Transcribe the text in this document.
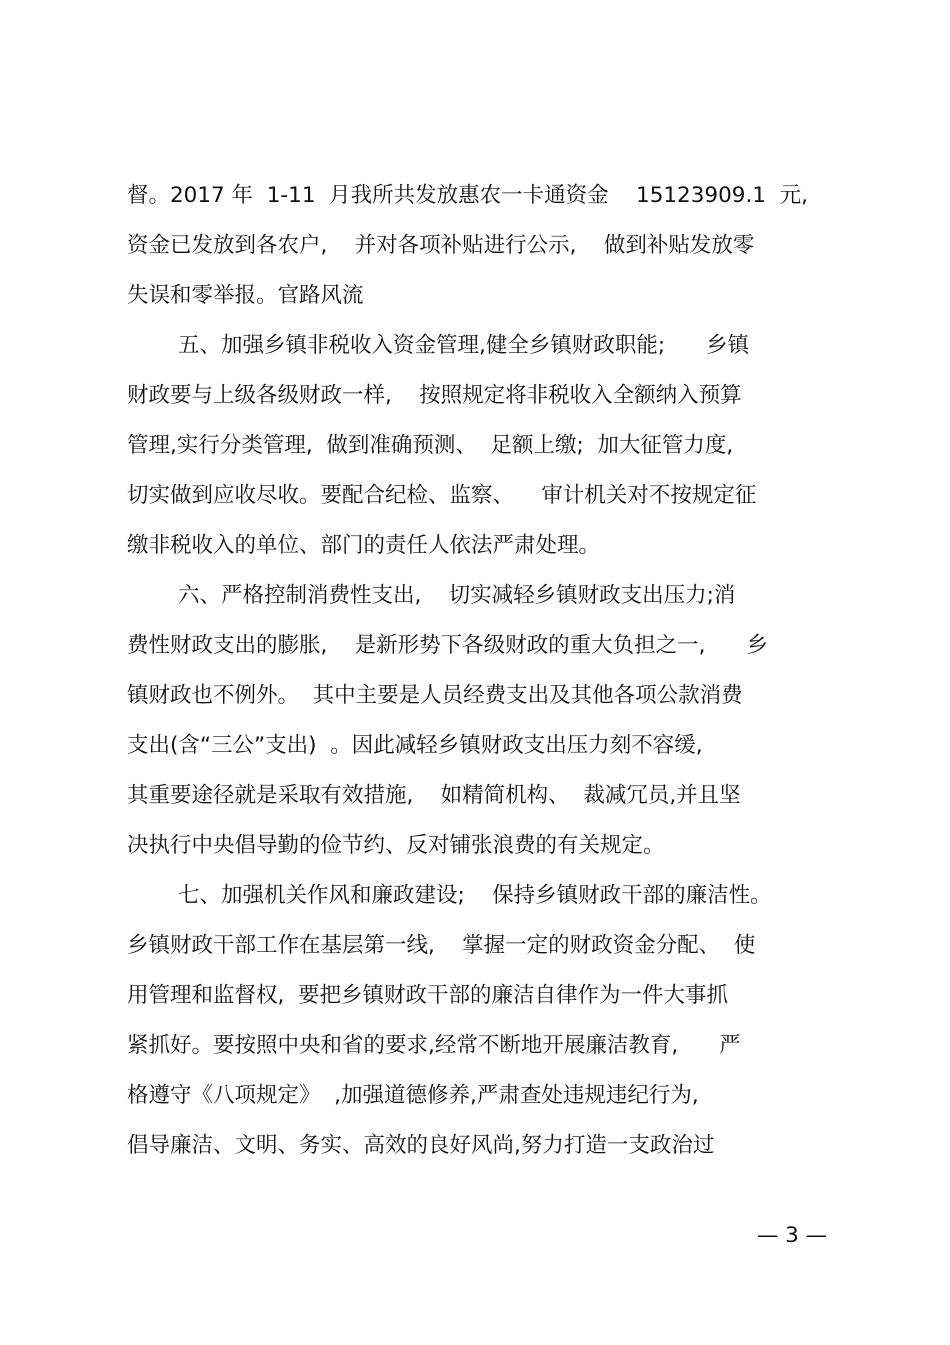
督。2017 年  1-11  月我所共发放惠农一卡通资金    15123909.1  元,
资金已发放到各农户,    并对各项补贴进行公示,    做到补贴发放零
失误和零举报。官路风流
五、加强乡镇非税收入资金管理,健全乡镇财政职能;      乡镇
财政要与上级各级财政一样,    按照规定将非税收入全额纳入预算
管理,实行分类管理,  做到准确预测、  足额上缴;  加大征管力度,
切实做到应收尽收。要配合纪检、监察、    审计机关对不按规定征
缴非税收入的单位、部门的责任人依法严肃处理。
六、严格控制消费性支出,    切实减轻乡镇财政支出压力;消
费性财政支出的膨胀,    是新形势下各级财政的重大负担之一,      乡
镇财政也不例外。  其中主要是人员经费支出及其他各项公款消费
支出(含“三公”支出)  。因此减轻乡镇财政支出压力刻不容缓,
其重要途径就是采取有效措施,    如精简机构、  裁减冗员,并且坚
决执行中央倡导勤的俭节约、反对铺张浪费的有关规定。
七、加强机关作风和廉政建设;    保持乡镇财政干部的廉洁性。
乡镇财政干部工作在基层第一线,    掌握一定的财政资金分配、  使
用管理和监督权,  要把乡镇财政干部的廉洁自律作为一件大事抓
紧抓好。要按照中央和省的要求,经常不断地开展廉洁教育,      严
格遵守《八项规定》  ,加强道德修养,严肃查处违规违纪行为,
倡导廉洁、文明、务实、高效的良好风尚,努力打造一支政治过
— 3 —
